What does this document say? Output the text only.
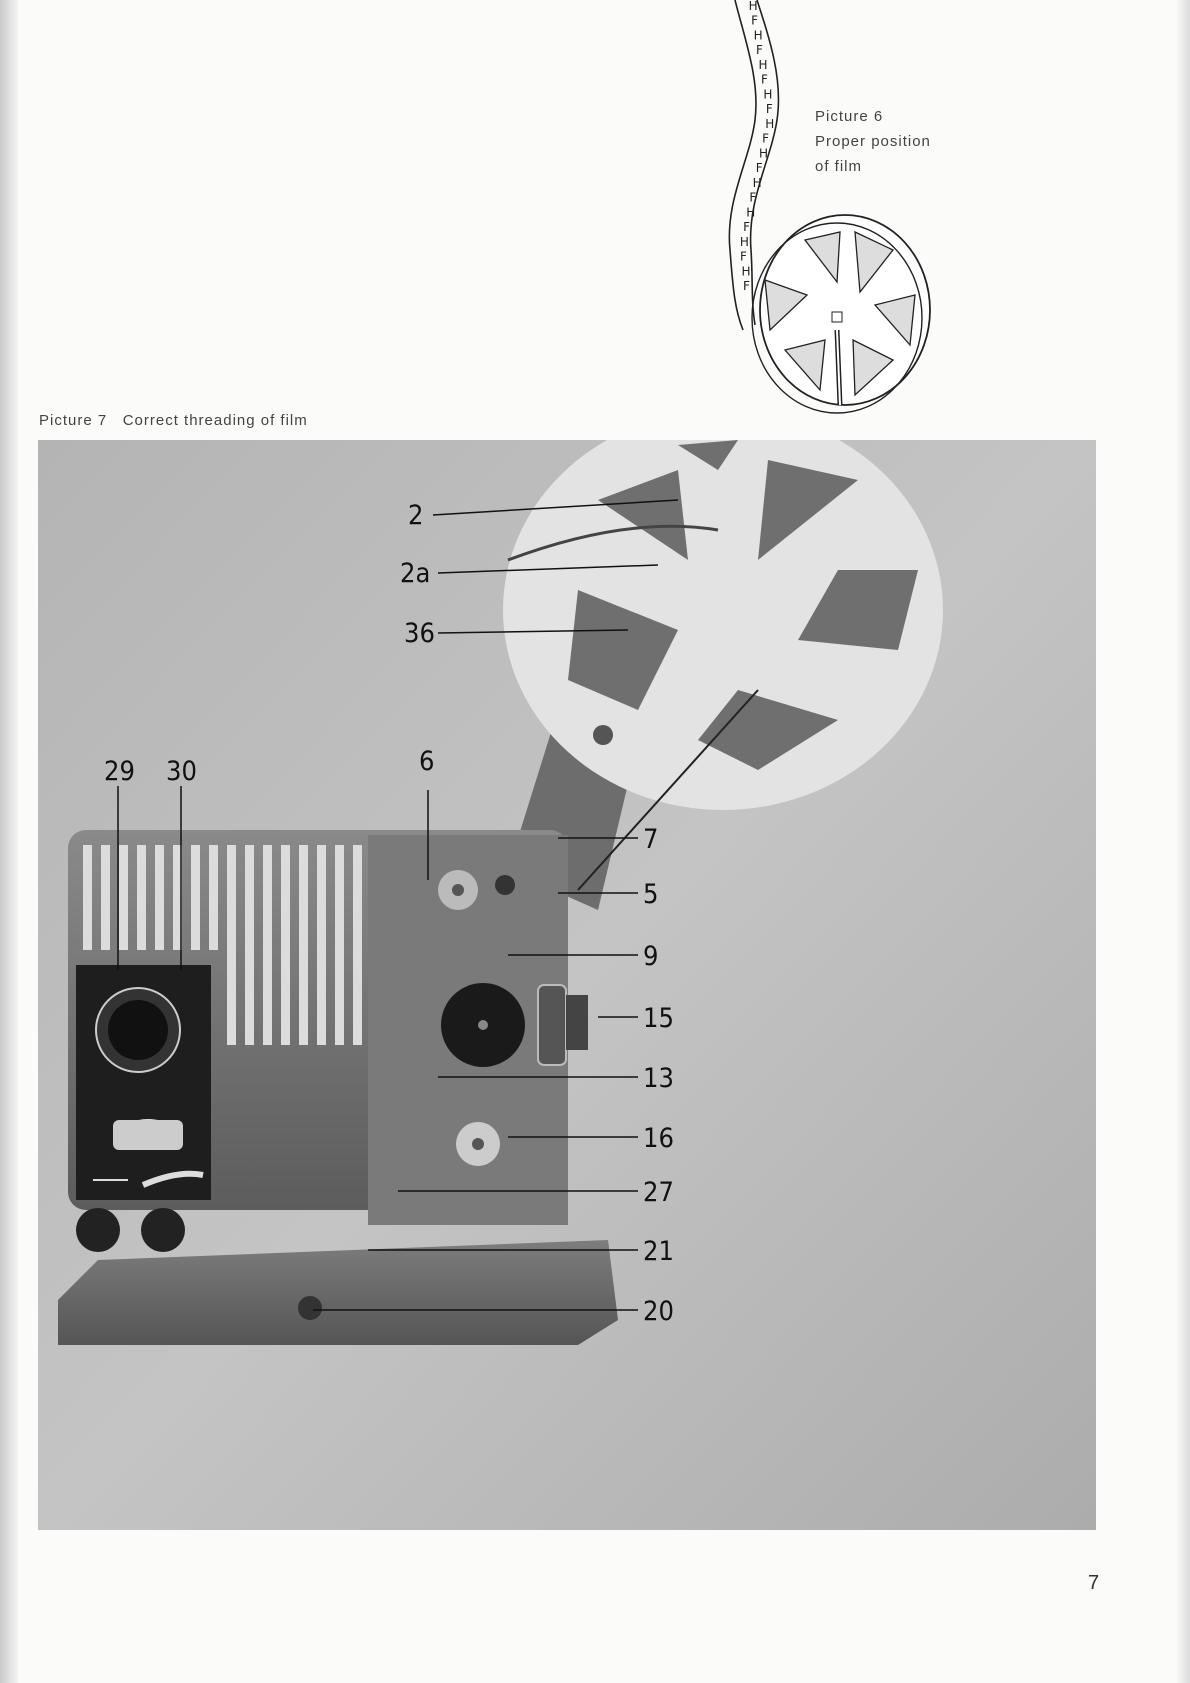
H
F
H
F
H
F
H
F
H
F
H
F
H
F
H
F
H
F
H
F
Picture 6
Proper position
of film
Picture 7   Correct threading of film
2
2a
36
29 30	6
7
5
9
15
13
16
27
21
20
7
